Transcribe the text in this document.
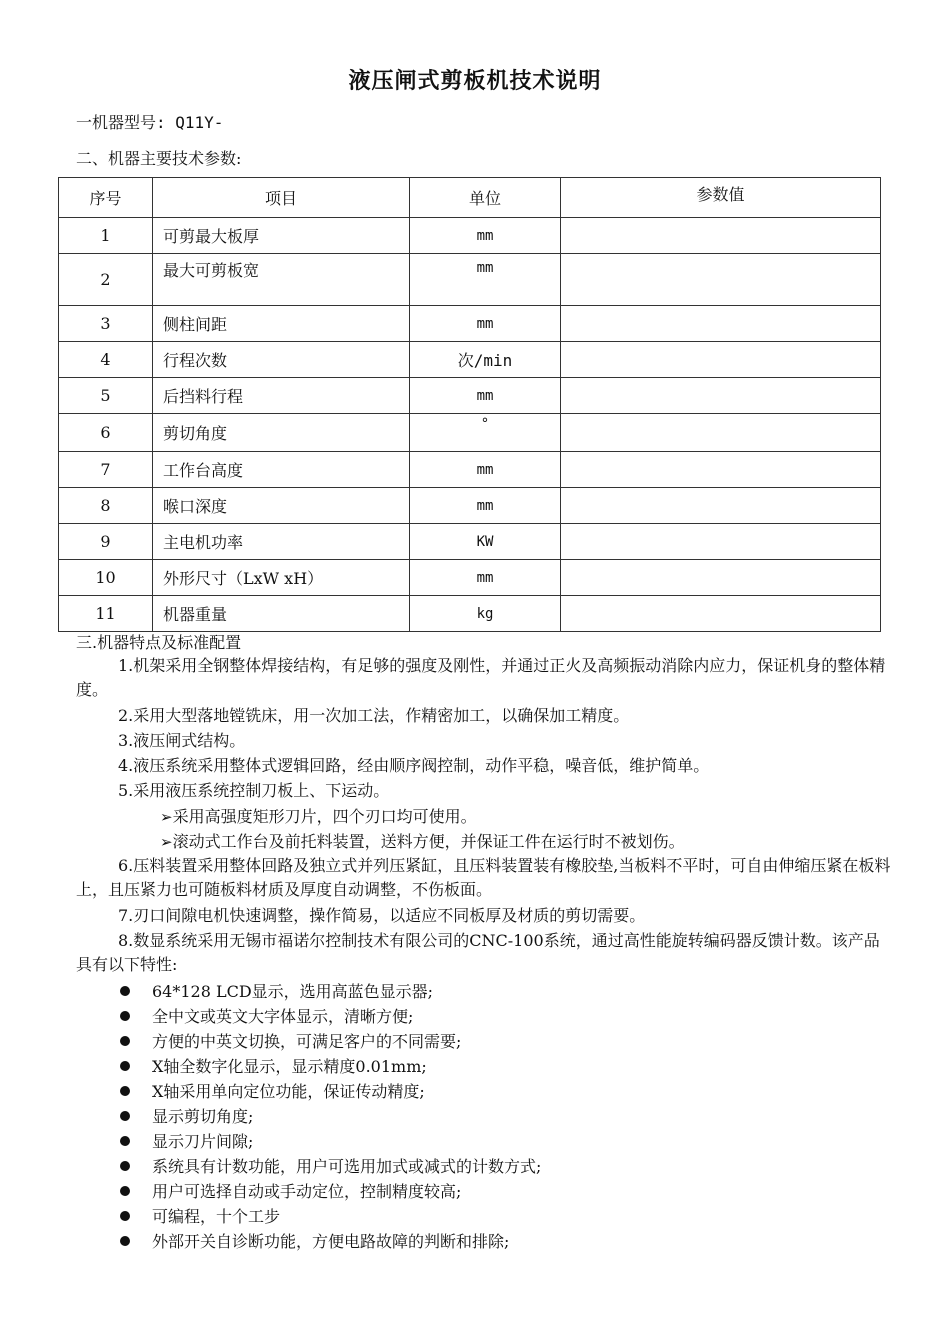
液压闸式剪板机技术说明
一机器型号: Q11Y-
二、机器主要技术参数:
序号	项目	单位	参数值
1	可剪最大板厚	mm	
2	最大可剪板宽	mm	
3	侧柱间距	mm	
4	行程次数	次/min	
5	后挡料行程	mm	
6	剪切角度	°	
7	工作台高度	mm	
8	喉口深度	mm	
9	主电机功率	KW	
10	外形尺寸（LxW xH）	mm	
11	机器重量	kg	
三.机器特点及标准配置
1.机架采用全钢整体焊接结构，有足够的强度及刚性，并通过正火及高频振动消除内应力，保证机身的整体精度。
2.采用大型落地镗铣床，用一次加工法，作精密加工，以确保加工精度。
3.液压闸式结构。
4.液压系统采用整体式逻辑回路，经由顺序阀控制，动作平稳，噪音低，维护简单。
5.采用液压系统控制刀板上、下运动。
➢采用高强度矩形刀片，四个刃口均可使用。
➢滚动式工作台及前托料装置，送料方便，并保证工件在运行时不被划伤。
6.压料装置采用整体回路及独立式并列压紧缸，且压料装置装有橡胶垫,当板料不平时，可自由伸缩压紧在板料上，且压紧力也可随板料材质及厚度自动调整，不伤板面。
7.刃口间隙电机快速调整，操作简易，以适应不同板厚及材质的剪切需要。
8.数显系统采用无锡市福诺尔控制技术有限公司的CNC-100系统，通过高性能旋转编码器反馈计数。该产品具有以下特性:
64*128 LCD显示，选用高蓝色显示器;
全中文或英文大字体显示，清晰方便;
方便的中英文切换，可满足客户的不同需要;
X轴全数字化显示，显示精度0.01mm;
X轴采用单向定位功能，保证传动精度;
显示剪切角度;
显示刀片间隙;
系统具有计数功能，用户可选用加式或减式的计数方式;
用户可选择自动或手动定位，控制精度较高;
可编程，十个工步
外部开关自诊断功能，方便电路故障的判断和排除;
